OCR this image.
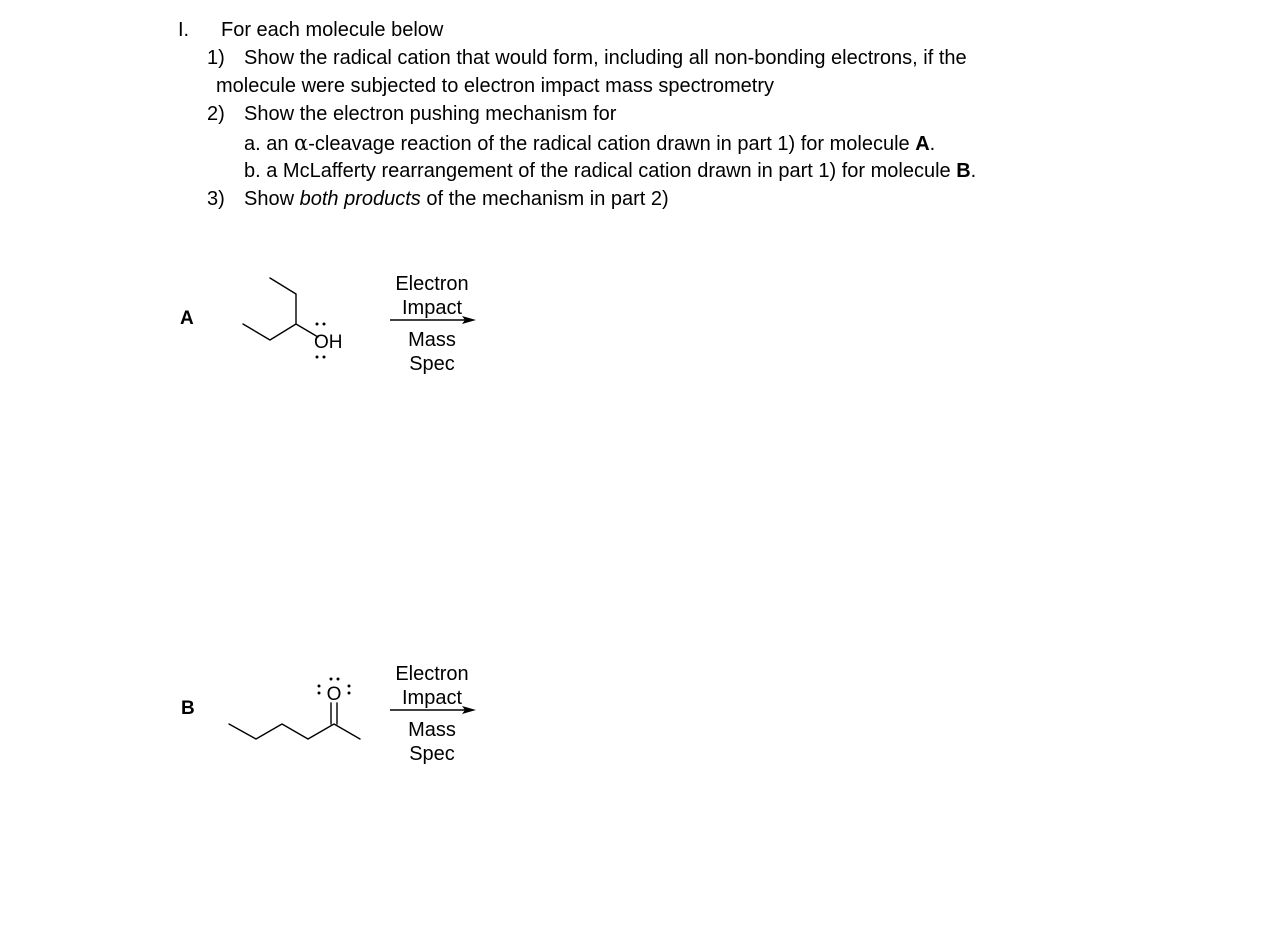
I. For each molecule below
1) Show the radical cation that would form, including all non-bonding electrons, if the
molecule were subjected to electron impact mass spectrometry
2) Show the electron pushing mechanism for
a. an α-cleavage reaction of the radical cation drawn in part 1) for molecule A.
b. a McLafferty rearrangement of the radical cation drawn in part 1) for molecule B.
3) Show both products of the mechanism in part 2)
A
B
Electron
Impact
Mass
Spec
Electron
Impact
Mass
Spec
OH
O
